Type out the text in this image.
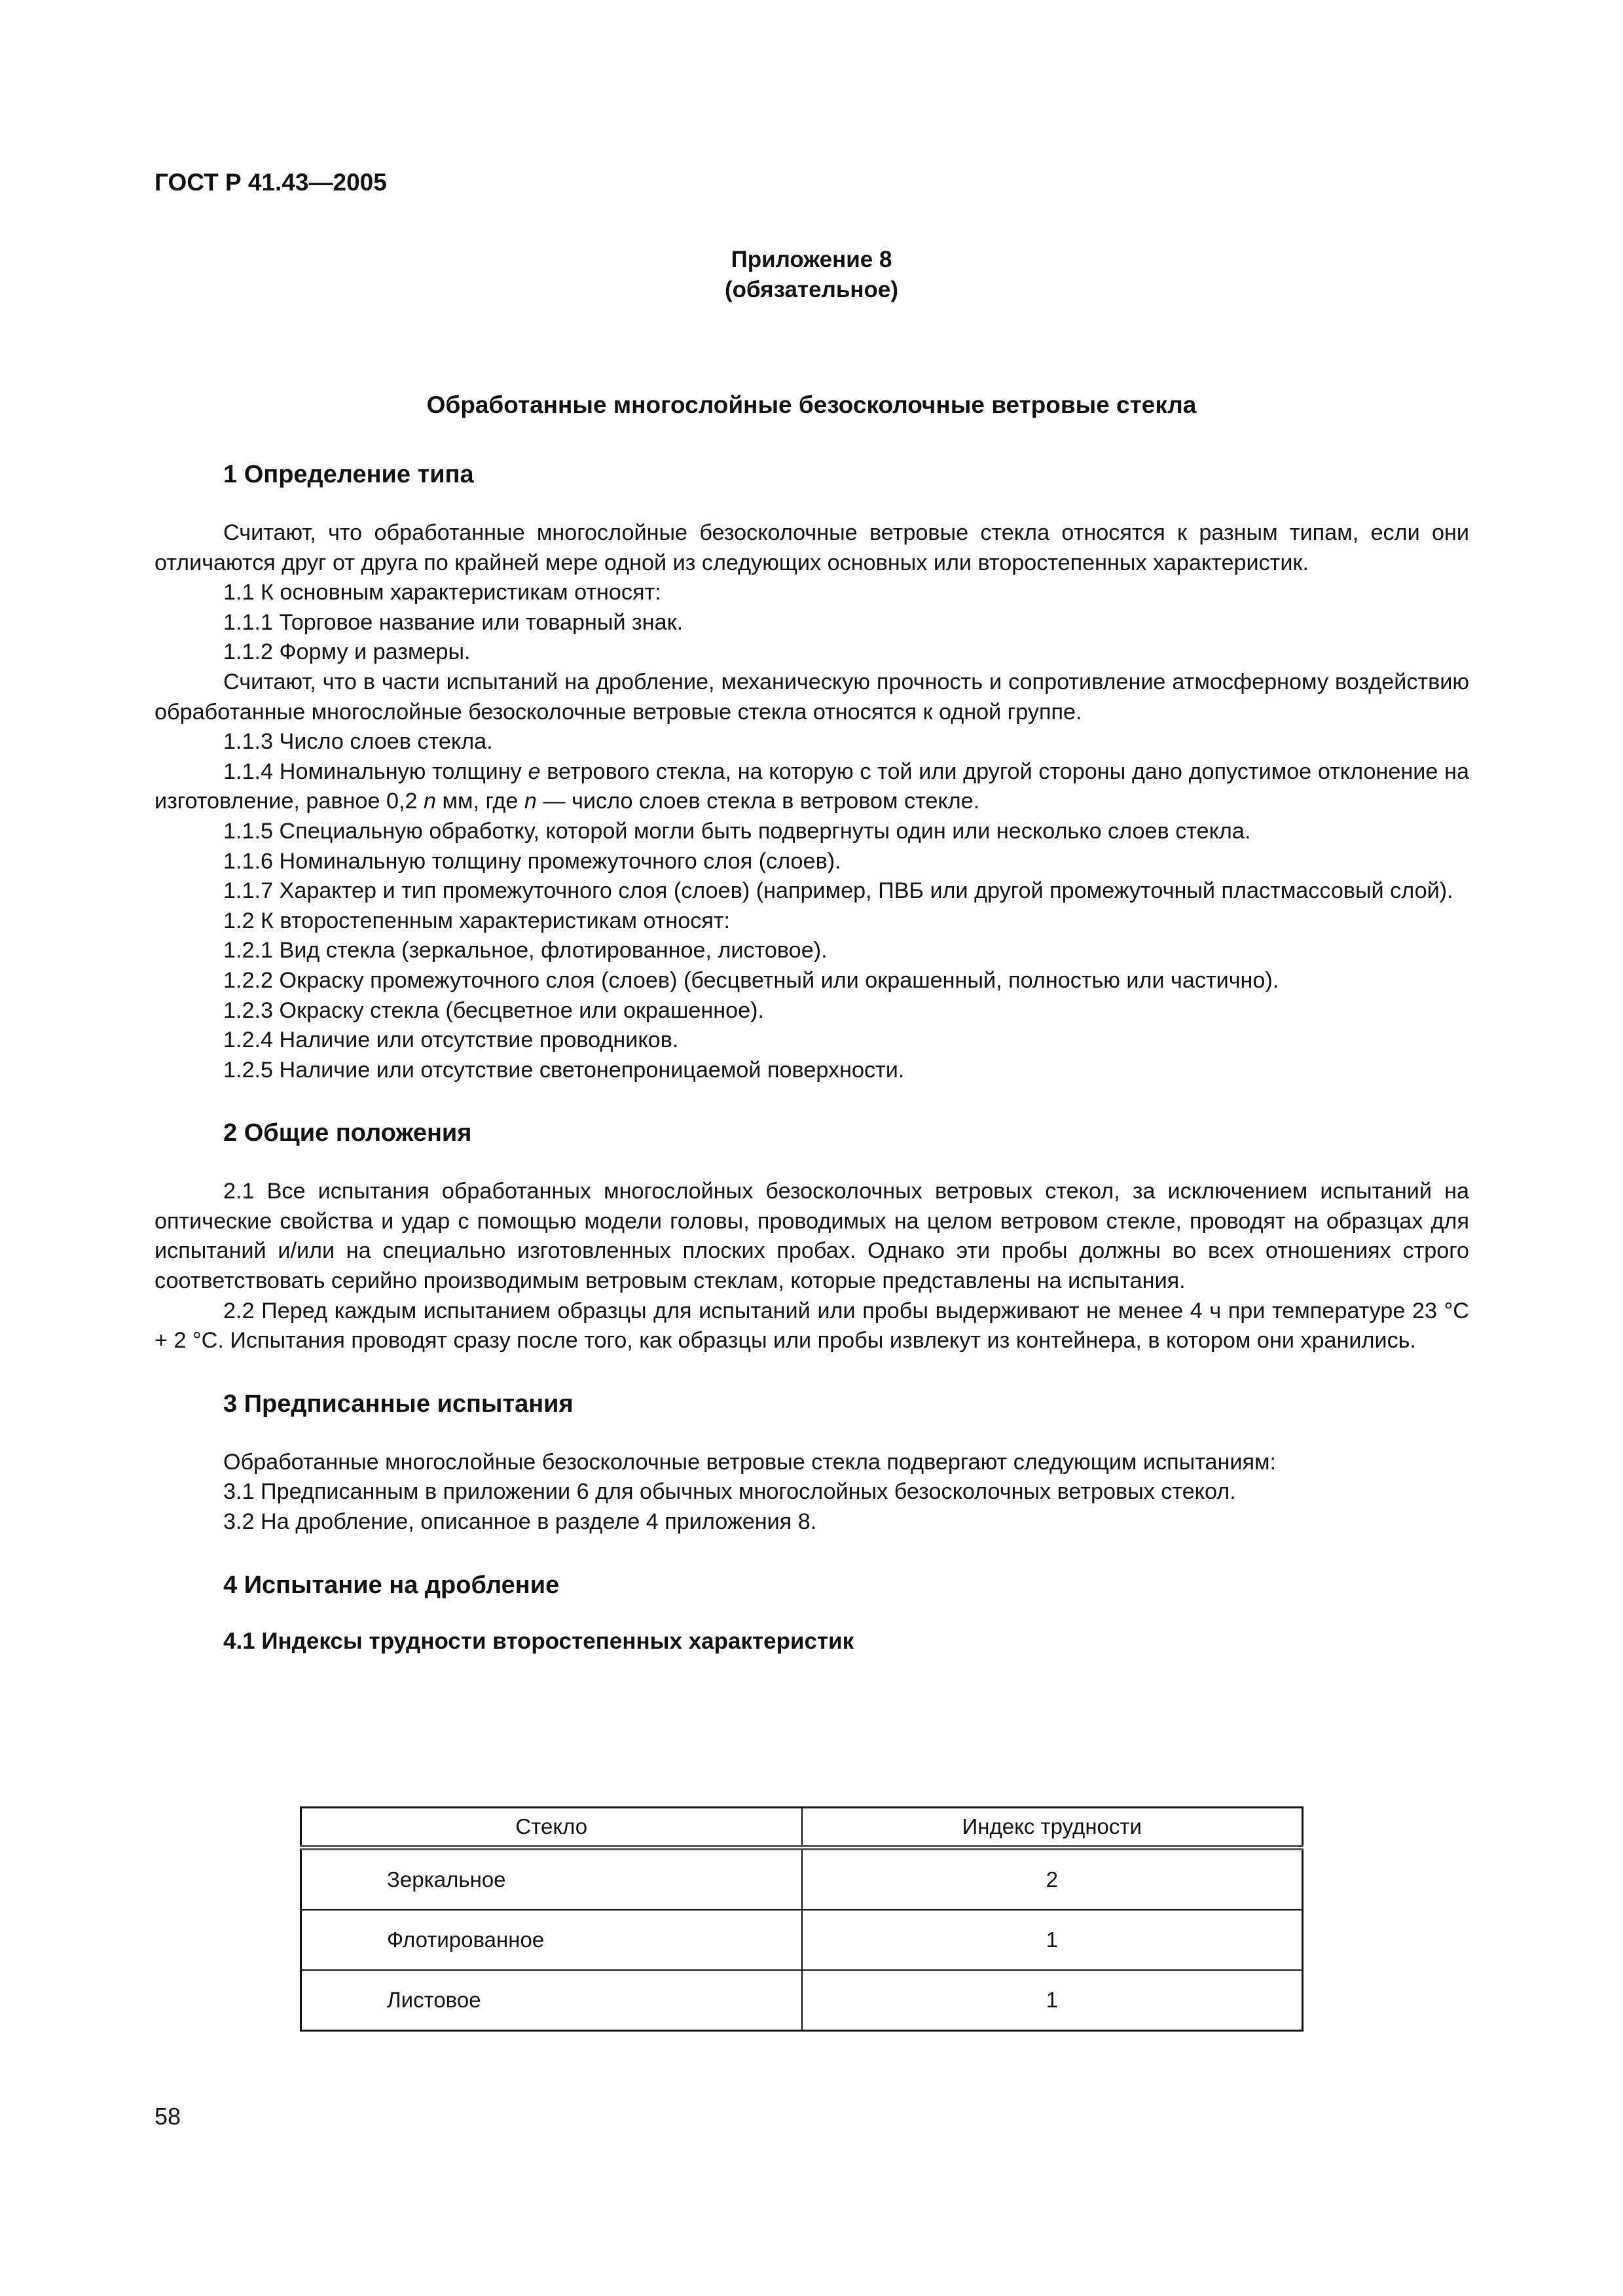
ГОСТ Р 41.43—2005
Приложение 8
(обязательное)
Обработанные многослойные безосколочные ветровые стекла
1 Определение типа

Считают, что обработанные многослойные безосколочные ветровые стекла относятся к разным типам, если они отличаются друг от друга по крайней мере одной из следующих основных или второстепенных характеристик.

1.1 К основным характеристикам относят:

1.1.1 Торговое название или товарный знак.

1.1.2 Форму и размеры.

Считают, что в части испытаний на дробление, механическую прочность и сопротивление атмосферному воздействию обработанные многослойные безосколочные ветровые стекла относятся к одной группе.

1.1.3 Число слоев стекла.

1.1.4 Номинальную толщину e ветрового стекла, на которую с той или другой стороны дано допустимое отклонение на изготовление, равное 0,2 n мм, где n — число слоев стекла в ветровом стекле.

1.1.5 Специальную обработку, которой могли быть подвергнуты один или несколько слоев стекла.

1.1.6 Номинальную толщину промежуточного слоя (слоев).

1.1.7 Характер и тип промежуточного слоя (слоев) (например, ПВБ или другой промежуточный пластмассовый слой).

1.2 К второстепенным характеристикам относят:

1.2.1 Вид стекла (зеркальное, флотированное, листовое).

1.2.2 Окраску промежуточного слоя (слоев) (бесцветный или окрашенный, полностью или частично).

1.2.3 Окраску стекла (бесцветное или окрашенное).

1.2.4 Наличие или отсутствие проводников.

1.2.5 Наличие или отсутствие светонепроницаемой поверхности.

2 Общие положения

2.1 Все испытания обработанных многослойных безосколочных ветровых стекол, за исключением испытаний на оптические свойства и удар с помощью модели головы, проводимых на целом ветровом стекле, проводят на образцах для испытаний и/или на специально изготовленных плоских пробах. Однако эти пробы должны во всех отношениях строго соответствовать серийно производимым ветровым стеклам, которые представлены на испытания.

2.2 Перед каждым испытанием образцы для испытаний или пробы выдерживают не менее 4 ч при температуре 23 °С + 2 °С. Испытания проводят сразу после того, как образцы или пробы извлекут из контейнера, в котором они хранились.

3 Предписанные испытания

Обработанные многослойные безосколочные ветровые стекла подвергают следующим испытаниям:

3.1 Предписанным в приложении 6 для обычных многослойных безосколочных ветровых стекол.

3.2 На дробление, описанное в разделе 4 приложения 8.

4 Испытание на дробление
4.1 Индексы трудности второстепенных характеристик
Стекло	Индекс трудности
Зеркальное	2
Флотированное	1
Листовое	1
58
